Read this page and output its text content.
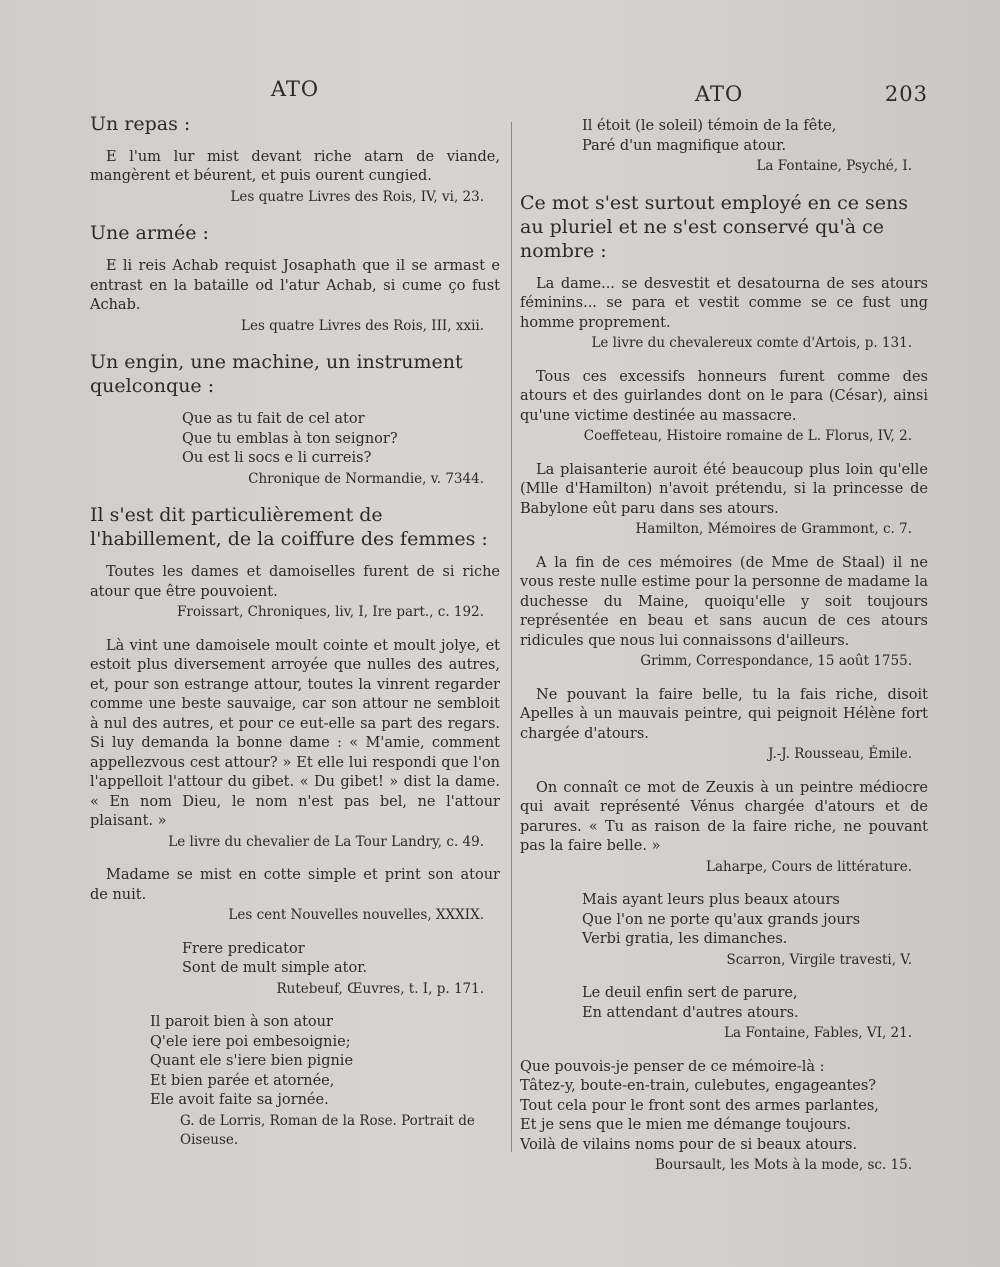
ATO
Un repas :

E l'um lur mist devant riche atarn de viande, mangèrent et béurent, et puis ourent cungied.

Les quatre Livres des Rois, IV, vi, 23.
Une armée :

E li reis Achab requist Josaphath que il se armast e entrast en la bataille od l'atur Achab, si cume ço fust Achab.

Les quatre Livres des Rois, III, xxii.
Un engin, une machine, un instrument quelconque :
Que as tu fait de cel ator
Que tu emblas à ton seignor?
Ou est li socs e li curreis?
Chronique de Normandie, v. 7344.
Il s'est dit particulièrement de l'habillement, de la coiffure des femmes :

Toutes les dames et damoiselles furent de si riche atour que être pouvoient.

Froissart, Chroniques, liv, I, Ire part., c. 192.

Là vint une damoisele moult cointe et moult jolye, et estoit plus diversement arroyée que nulles des autres, et, pour son estrange attour, toutes la vinrent regarder comme une beste sauvaige, car son attour ne sembloit à nul des autres, et pour ce eut-elle sa part des regars. Si luy demanda la bonne dame : « M'amie, comment appellezvous cest attour? » Et elle lui respondi que l'on l'appelloit l'attour du gibet. « Du gibet! » dist la dame. « En nom Dieu, le nom n'est pas bel, ne l'attour plaisant. »

Le livre du chevalier de La Tour Landry, c. 49.

Madame se mist en cotte simple et print son atour de nuit.

Les cent Nouvelles nouvelles, XXXIX.
Frere predicator
Sont de mult simple ator.
Rutebeuf, Œuvres, t. I, p. 171.
Il paroit bien à son atour
Q'ele iere poi embesoignie;
Quant ele s'iere bien pignie
Et bien parée et atornée,
Ele avoit faite sa jornée.
G. de Lorris, Roman de la Rose. Portrait de Oiseuse.
ATO	203
Il étoit (le soleil) témoin de la fête,
Paré d'un magnifique atour.
La Fontaine, Psyché, I.
Ce mot s'est surtout employé en ce sens au pluriel et ne s'est conservé qu'à ce nombre :

La dame... se desvestit et desatourna de ses atours féminins... se para et vestit comme se ce fust ung homme proprement.

Le livre du chevalereux comte d'Artois, p. 131.

Tous ces excessifs honneurs furent comme des atours et des guirlandes dont on le para (César), ainsi qu'une victime destinée au massacre.

Coeffeteau, Histoire romaine de L. Florus, IV, 2.

La plaisanterie auroit été beaucoup plus loin qu'elle (Mlle d'Hamilton) n'avoit prétendu, si la princesse de Babylone eût paru dans ses atours.

Hamilton, Mémoires de Grammont, c. 7.

A la fin de ces mémoires (de Mme de Staal) il ne vous reste nulle estime pour la personne de madame la duchesse du Maine, quoiqu'elle y soit toujours représentée en beau et sans aucun de ces atours ridicules que nous lui connaissons d'ailleurs.

Grimm, Correspondance, 15 août 1755.

Ne pouvant la faire belle, tu la fais riche, disoit Apelles à un mauvais peintre, qui peignoit Hélène fort chargée d'atours.

J.-J. Rousseau, Émile.

On connaît ce mot de Zeuxis à un peintre médiocre qui avait représenté Vénus chargée d'atours et de parures. « Tu as raison de la faire riche, ne pouvant pas la faire belle. »

Laharpe, Cours de littérature.
Mais ayant leurs plus beaux atours
Que l'on ne porte qu'aux grands jours
Verbi gratia, les dimanches.
Scarron, Virgile travesti, V.
Le deuil enfin sert de parure,
En attendant d'autres atours.
La Fontaine, Fables, VI, 21.
Que pouvois-je penser de ce mémoire-là :
Tâtez-y, boute-en-train, culebutes, engageantes?
Tout cela pour le front sont des armes parlantes,
Et je sens que le mien me démange toujours.
Voilà de vilains noms pour de si beaux atours.
Boursault, les Mots à la mode, sc. 15.
